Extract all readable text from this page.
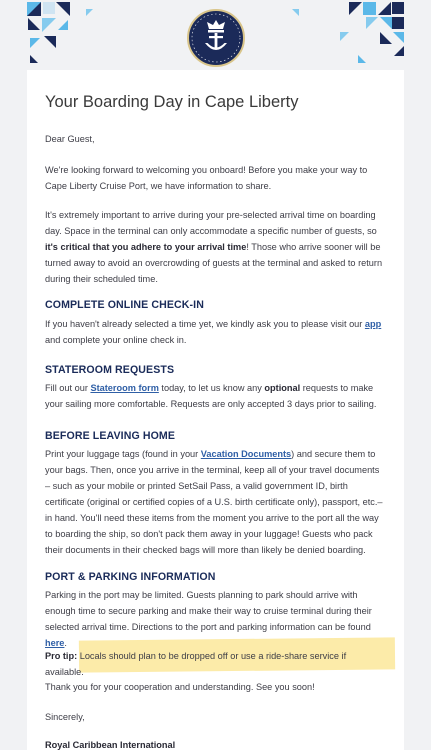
Your Boarding Day in Cape Liberty
Dear Guest,
We're looking forward to welcoming you onboard! Before you make your way to Cape Liberty Cruise Port, we have information to share.
It's extremely important to arrive during your pre-selected arrival time on boarding day. Space in the terminal can only accommodate a specific number of guests, so it's critical that you adhere to your arrival time! Those who arrive sooner will be turned away to avoid an overcrowding of guests at the terminal and asked to return during their scheduled time.
COMPLETE ONLINE CHECK-IN
If you haven't already selected a time yet, we kindly ask you to please visit our app and complete your online check in.
STATEROOM REQUESTS
Fill out our Stateroom form today, to let us know any optional requests to make your sailing more comfortable. Requests are only accepted 3 days prior to sailing.
BEFORE LEAVING HOME
Print your luggage tags (found in your Vacation Documents) and secure them to your bags. Then, once you arrive in the terminal, keep all of your travel documents – such as your mobile or printed SetSail Pass, a valid government ID, birth certificate (original or certified copies of a U.S. birth certificate only), passport, etc.– in hand. You'll need these items from the moment you arrive to the port all the way to boarding the ship, so don't pack them away in your luggage! Guests who pack their documents in their checked bags will more than likely be denied boarding.
PORT & PARKING INFORMATION
Parking in the port may be limited. Guests planning to park should arrive with enough time to secure parking and make their way to cruise terminal during their selected arrival time. Directions to the port and parking information can be found here.
Pro tip: Locals should plan to be dropped off or use a ride-share service if available.
Thank you for your cooperation and understanding. See you soon!
Sincerely,
Royal Caribbean International
